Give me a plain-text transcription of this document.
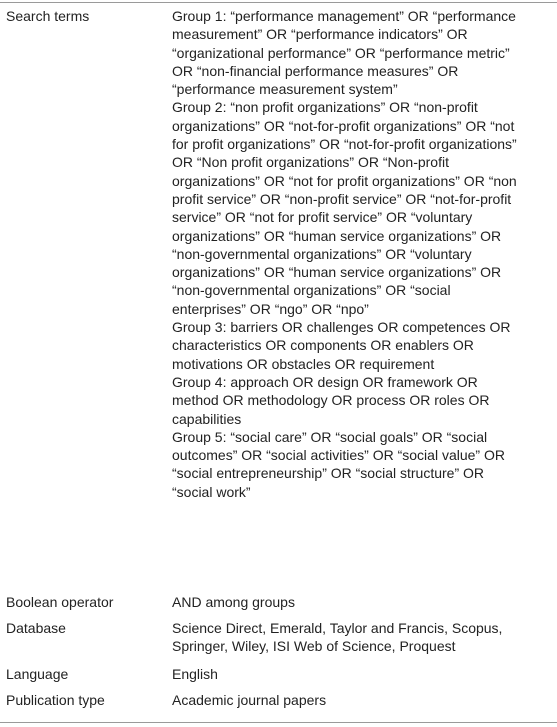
Search terms	Group 1: “performance management” OR “performance
measurement” OR “performance indicators” OR
“organizational performance” OR “performance metric”
OR “non-financial performance measures” OR
“performance measurement system”
Group 2: “non profit organizations” OR “non-profit
organizations” OR “not-for-profit organizations” OR “not
for profit organizations” OR “not-for-profit organizations”
OR “Non profit organizations” OR “Non-profit
organizations” OR “not for profit organizations” OR “non
profit service” OR “non-profit service” OR “not-for-profit
service” OR “not for profit service” OR “voluntary
organizations” OR “human service organizations” OR
“non-governmental organizations” OR “voluntary
organizations” OR “human service organizations” OR
“non-governmental organizations” OR “social
enterprises” OR “ngo” OR “npo”
Group 3: barriers OR challenges OR competences OR
characteristics OR components OR enablers OR
motivations OR obstacles OR requirement
Group 4: approach OR design OR framework OR
method OR methodology OR process OR roles OR
capabilities
Group 5: “social care” OR “social goals” OR “social
outcomes” OR “social activities” OR “social value” OR
“social entrepreneurship” OR “social structure” OR
“social work”
Boolean operator	AND among groups
Database	Science Direct, Emerald, Taylor and Francis, Scopus,
Springer, Wiley, ISI Web of Science, Proquest
Language	English
Publication type	Academic journal papers
